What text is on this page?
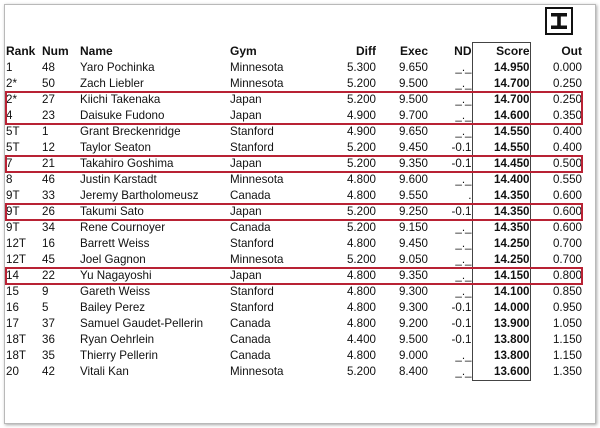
Rank	Num	Name	Gym	Diff	Exec	ND	Score	Out
1	48	Yaro Pochinka	Minnesota	5.300	9.650	_._	14.950	0.000
2*	50	Zach Liebler	Minnesota	5.200	9.500	_._	14.700	0.250
2*	27	Kiichi Takenaka	Japan	5.200	9.500	_._	14.700	0.250
4	23	Daisuke Fudono	Japan	4.900	9.700	_._	14.600	0.350
5T	1	Grant Breckenridge	Stanford	4.900	9.650	_._	14.550	0.400
5T	12	Taylor Seaton	Stanford	5.200	9.450	-0.1	14.550	0.400
7	21	Takahiro Goshima	Japan	5.200	9.350	-0.1	14.450	0.500
8	46	Justin Karstadt	Minnesota	4.800	9.600	_._	14.400	0.550
9T	33	Jeremy Bartholomeusz	Canada	4.800	9.550	.	14.350	0.600
9T	26	Takumi Sato	Japan	5.200	9.250	-0.1	14.350	0.600
9T	34	Rene Cournoyer	Canada	5.200	9.150	_._	14.350	0.600
12T	16	Barrett Weiss	Stanford	4.800	9.450	_._	14.250	0.700
12T	45	Joel Gagnon	Minnesota	5.200	9.050	_._	14.250	0.700
14	22	Yu Nagayoshi	Japan	4.800	9.350	_._	14.150	0.800
15	9	Gareth Weiss	Stanford	4.800	9.300	_._	14.100	0.850
16	5	Bailey Perez	Stanford	4.800	9.300	-0.1	14.000	0.950
17	37	Samuel Gaudet-Pellerin	Canada	4.800	9.200	-0.1	13.900	1.050
18T	36	Ryan Oehrlein	Canada	4.400	9.500	-0.1	13.800	1.150
18T	35	Thierry Pellerin	Canada	4.800	9.000	_._	13.800	1.150
20	42	Vitali Kan	Minnesota	5.200	8.400	_._	13.600	1.350
